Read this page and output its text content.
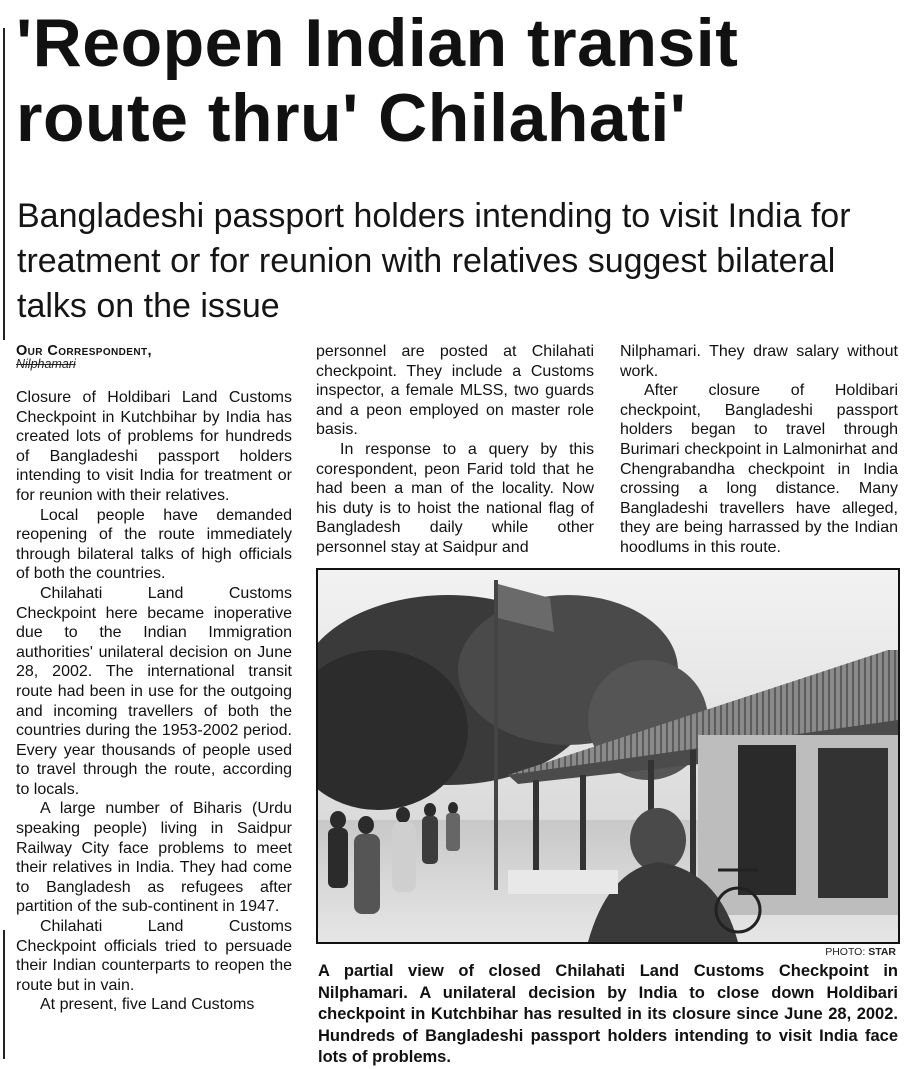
'Reopen Indian transit route thru' Chilahati'

Bangladeshi passport holders intending to visit India for treatment or for reunion with relatives suggest bilateral talks on the issue

Our Correspondent,
Nilphamari

Closure of Holdibari Land Customs Checkpoint in Kutchbihar by India has created lots of problems for hundreds of Bangladeshi passport holders intending to visit India for treatment or for reunion with their relatives.

Local people have demanded reopening of the route immediately through bilateral talks of high officials of both the countries.

Chilahati Land Customs Checkpoint here became inoperative due to the Indian Immigration authorities' unilateral decision on June 28, 2002. The international transit route had been in use for the outgoing and incoming travellers of both the countries during the 1953-2002 period. Every year thousands of people used to travel through the route, according to locals.

A large number of Biharis (Urdu speaking people) living in Saidpur Railway City face problems to meet their relatives in India. They had come to Bangladesh as refugees after partition of the sub-continent in 1947.

Chilahati Land Customs Checkpoint officials tried to persuade their Indian counterparts to reopen the route but in vain.

At present, five Land Customs

personnel are posted at Chilahati checkpoint. They include a Customs inspector, a female MLSS, two guards and a peon employed on master role basis.

In response to a query by this corespondent, peon Farid told that he had been a man of the locality. Now his duty is to hoist the national flag of Bangladesh daily while other personnel stay at Saidpur and

Nilphamari. They draw salary without work.

After closure of Holdibari checkpoint, Bangladeshi passport holders began to travel through Burimari checkpoint in Lalmonirhat and Chengrabandha checkpoint in India crossing a long distance. Many Bangladeshi travellers have alleged, they are being harrassed by the Indian hoodlums in this route.

PHOTO: STAR
A partial view of closed Chilahati Land Customs Checkpoint in Nilphamari. A unilateral decision by India to close down Holdibari checkpoint in Kutchbihar has resulted in its closure since June 28, 2002. Hundreds of Bangladeshi passport holders intending to visit India face lots of problems.
